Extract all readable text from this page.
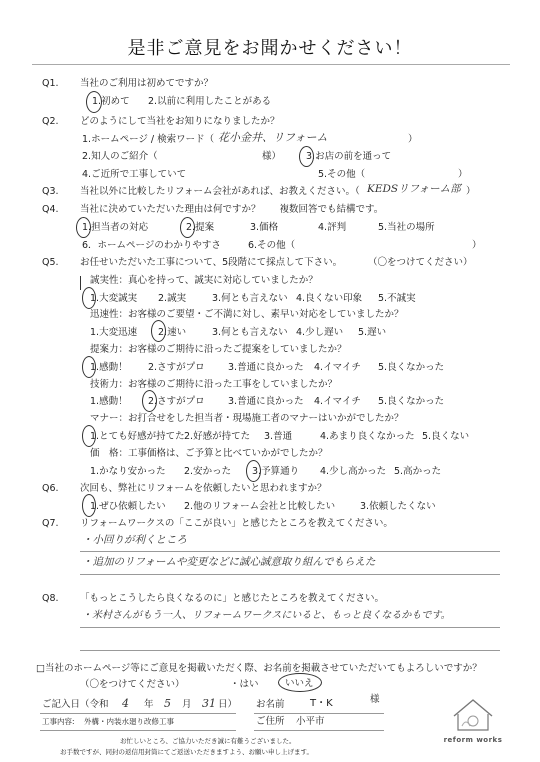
是非ご意見をお聞かせください！
Q1. 当社のご利用は初めてですか？
1.初めて 2.以前に利用したことがある
Q2. どのようにして当社をお知りになりましたか？
1.ホームページ / 検索ワード（ 花小金井、リフォーム	）
2.知人のご紹介（	様）	3.お店の前を通って
4.ご近所で工事していて	5.その他（	）
Q3. 当社以外に比較したリフォーム会社があれば、お教えください。（ KEDSリフォーム部 ）
Q4. 当社に決めていただいた理由は何ですか？　　複数回答でも結構です。
1.担当者の対応	2.提案	3.価格	4.評判	5.当社の場所
6．ホームページのわかりやすさ	6.その他（	）
Q5. お任せいただいた工事について、5段階にて採点して下さい。	（〇をつけてください）
誠実性：真心を持って、誠実に対応していましたか？
1.大変誠実 2.誠実	3.何とも言えない 4.良くない印象 5.不誠実
迅速性：お客様のご要望・ご不満に対し、素早い対応をしていましたか？
1.大変迅速 2.速い	3.何とも言えない 4.少し遅い 5.遅い
提案力：お客様のご期待に沿ったご提案をしていましたか？
1.感動！ 2.さすがプロ 3.普通に良かった 4.イマイチ 5.良くなかった
技術力：お客様のご期待に沿った工事をしていましたか？
1.感動！ 2.さすがプロ 3.普通に良かった 4.イマイチ 5.良くなかった
マナー：お打合せをした担当者・現場施工者のマナーはいかがでしたか？
1.とても好感が持てた 2.好感が持てた 3.普通	4.あまり良くなかった 5.良くない
価　格：工事価格は、ご予算と比べていかがでしたか？
1.かなり安かった 2.安かった 3.予算通り 4.少し高かった 5.高かった
Q6. 次回も、弊社にリフォームを依頼したいと思われますか？
1.ぜひ依頼したい 2.他のリフォーム会社と比較したい	3.依頼したくない
Q7. リフォームワークスの「ここが良い」と感じたところを教えてください。
・小回りが利くところ
・追加のリフォームや変更などに誠心誠意取り組んでもらえた
Q8. 「もっとこうしたら良くなるのに」と感じたところを教えてください。
・米村さんがもう一人、リフォームワークスにいると、もっと良くなるかもです。
□当社のホームページ等にご意見を掲載いただく際、お名前を掲載させていただいてもよろしいですか？
（〇をつけてください）	・はい	いいえ
ご記入日（令和 4 年 5 月 31 日） お名前	T・K	様
工事内容: 外構・内装水廻り改修工事	ご住所 小平市
お忙しいところ、ご協力いただき誠に有難うございました。
お手数ですが、同封の返信用封筒にてご返送いただきますよう、お願い申し上げます。
reform works
